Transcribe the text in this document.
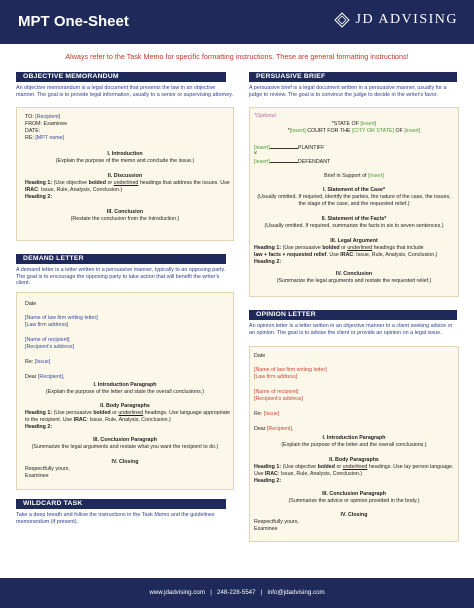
MPT One-Sheet	JD ADVISING
Always refer to the Task Memo for specific formatting instructions. These are general formatting instructions!
OBJECTIVE MEMORANDUM
An objective memorandum is a legal document that presents the law in an objective manner. The goal is to provide legal information, usually to a senior or supervising attorney.
TO: [Recipient]
FROM: Examinee
DATE:
RE: [MPT name]
I. Introduction
(Explain the purpose of the memo and conclude the issue.)
II. Discussion
Heading 1: (Use objective bolded or underlined headings that address the issues. Use
IRAC: Issue, Rule, Analysis, Conclusion.)
Heading 2:
III. Conclusion
(Restate the conclusion from the Introduction.)
DEMAND LETTER
A demand letter is a letter written in a persuasive manner, typically to an opposing party. The goal is to encourage the opposing party to take action that will benefit the writer's client.
Date
[Name of law firm writing letter]
[Law firm address]
[Name of recipient]
[Recipient's address]
Re: [Issue]
Dear [Recipient],
I. Introduction Paragraph
(Explain the purpose of the letter and state the overall conclusions.)
II. Body Paragraphs
Heading 1: (Use persuasive bolded or underlined headings. Use language appropriate
to the recipient. Use IRAC: Issue, Rule, Analysis, Conclusion.)
Heading 2:
III. Conclusion Paragraph
(Summarize the legal arguments and restate what you want the recipient to do.)
IV. Closing
Respectfully yours,
Examinee
WILDCARD TASK
Take a deep breath and follow the instructions in the Task Memo and the guidelines memorandum (if present).
PERSUASIVE BRIEF
A persuasive brief is a legal document written in a persuasive manner, usually for a judge to review. The goal is to convince the judge to decide in the writer's favor.
*Optional
*STATE OF [insert]
*[insert] COURT FOR THE [CITY OR STATE] OF [insert]
[insert]	PLAINTIFF
v.
[insert]	DEFENDANT
Brief in Support of [insert]
I. Statement of the Case*
(Usually omitted. If required, identify the parties, the nature of the case, the issues, the stage of the case, and the requested relief.)
II. Statement of the Facts*
(Usually omitted. If required, summarize the facts in six to seven sentences.)
III. Legal Argument
Heading 1: (Use persuasive bolded or underlined headings that include
law + facts + requested relief. Use IRAC: Issue, Rule, Analysis, Conclusion.)
Heading 2:
IV. Conclusion
(Summarize the legal arguments and restate the requested relief.)
OPINION LETTER
An opinion letter is a letter written in an objective manner to a client seeking advice or an opinion. The goal is to advise the client or provide an opinion on a legal issue.
Date
[Name of law firm writing letter]
[Law firm address]
[Name of recipient]
[Recipient's address]
Re: [Issue]
Dear [Recipient],
I. Introduction Paragraph
(Explain the purpose of the letter and the overall conclusions.)
II. Body Paragraphs
Heading 1: (Use objective bolded or underlined headings. Use lay person language.
Use IRAC: Issue, Rule, Analysis, Conclusion.)
Heading 2:
III. Conclusion Paragraph
(Summarize the advice or opinion provided in the body.)
IV. Closing
Respectfully yours,
Examinee
www.jdadvising.com | 248-228-5547 | info@jdadvising.com
